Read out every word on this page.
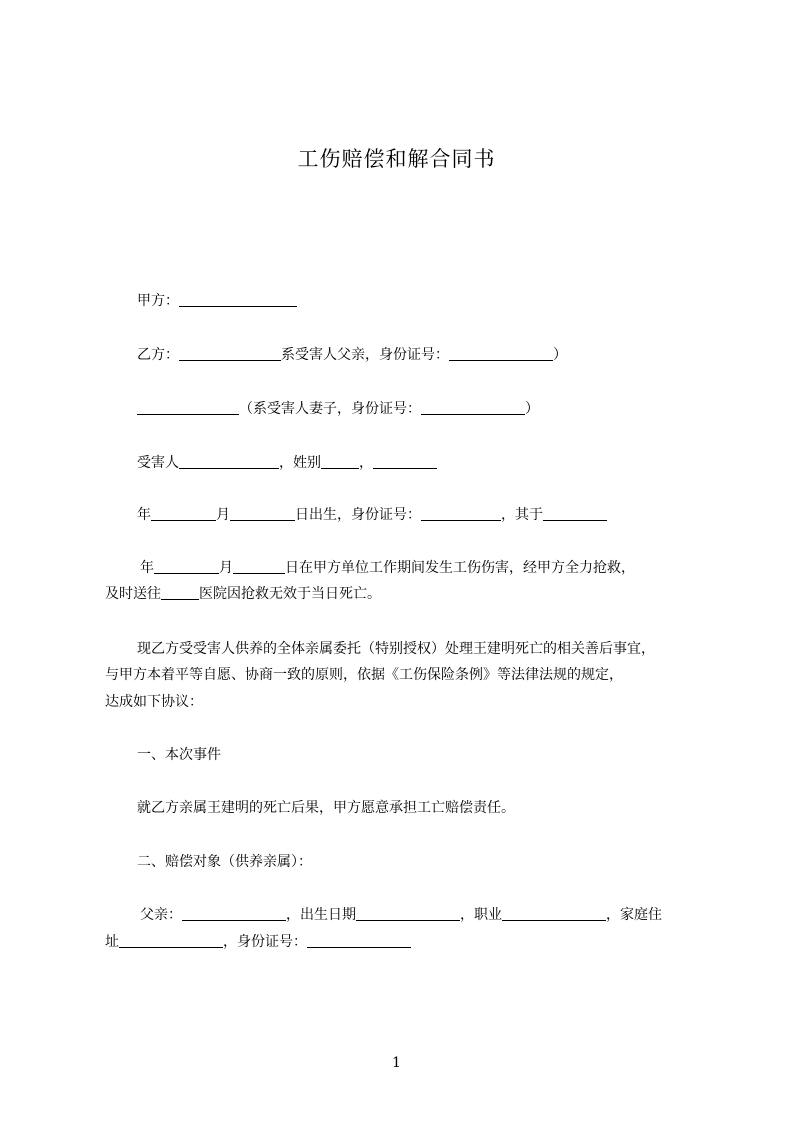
工伤赔偿和解合同书
甲方：
乙方：	系受害人父亲，身份证号：	）
（系受害人妻子，身份证号：	）
受害人	，姓别	，
年	月	日出生，身份证号：	，其于
年	月	日在甲方单位工作期间发生工伤伤害，经甲方全力抢救，
及时送往	医院因抢救无效于当日死亡。
现乙方受受害人供养的全体亲属委托（特别授权）处理王建明死亡的相关善后事宜，
与甲方本着平等自愿、协商一致的原则，依据《工伤保险条例》等法律法规的规定，
达成如下协议：
一、本次事件
就乙方亲属王建明的死亡后果，甲方愿意承担工亡赔偿责任。
二、赔偿对象（供养亲属）：
父亲：	，出生日期	，职业	，家庭住
址	，身份证号：
1
